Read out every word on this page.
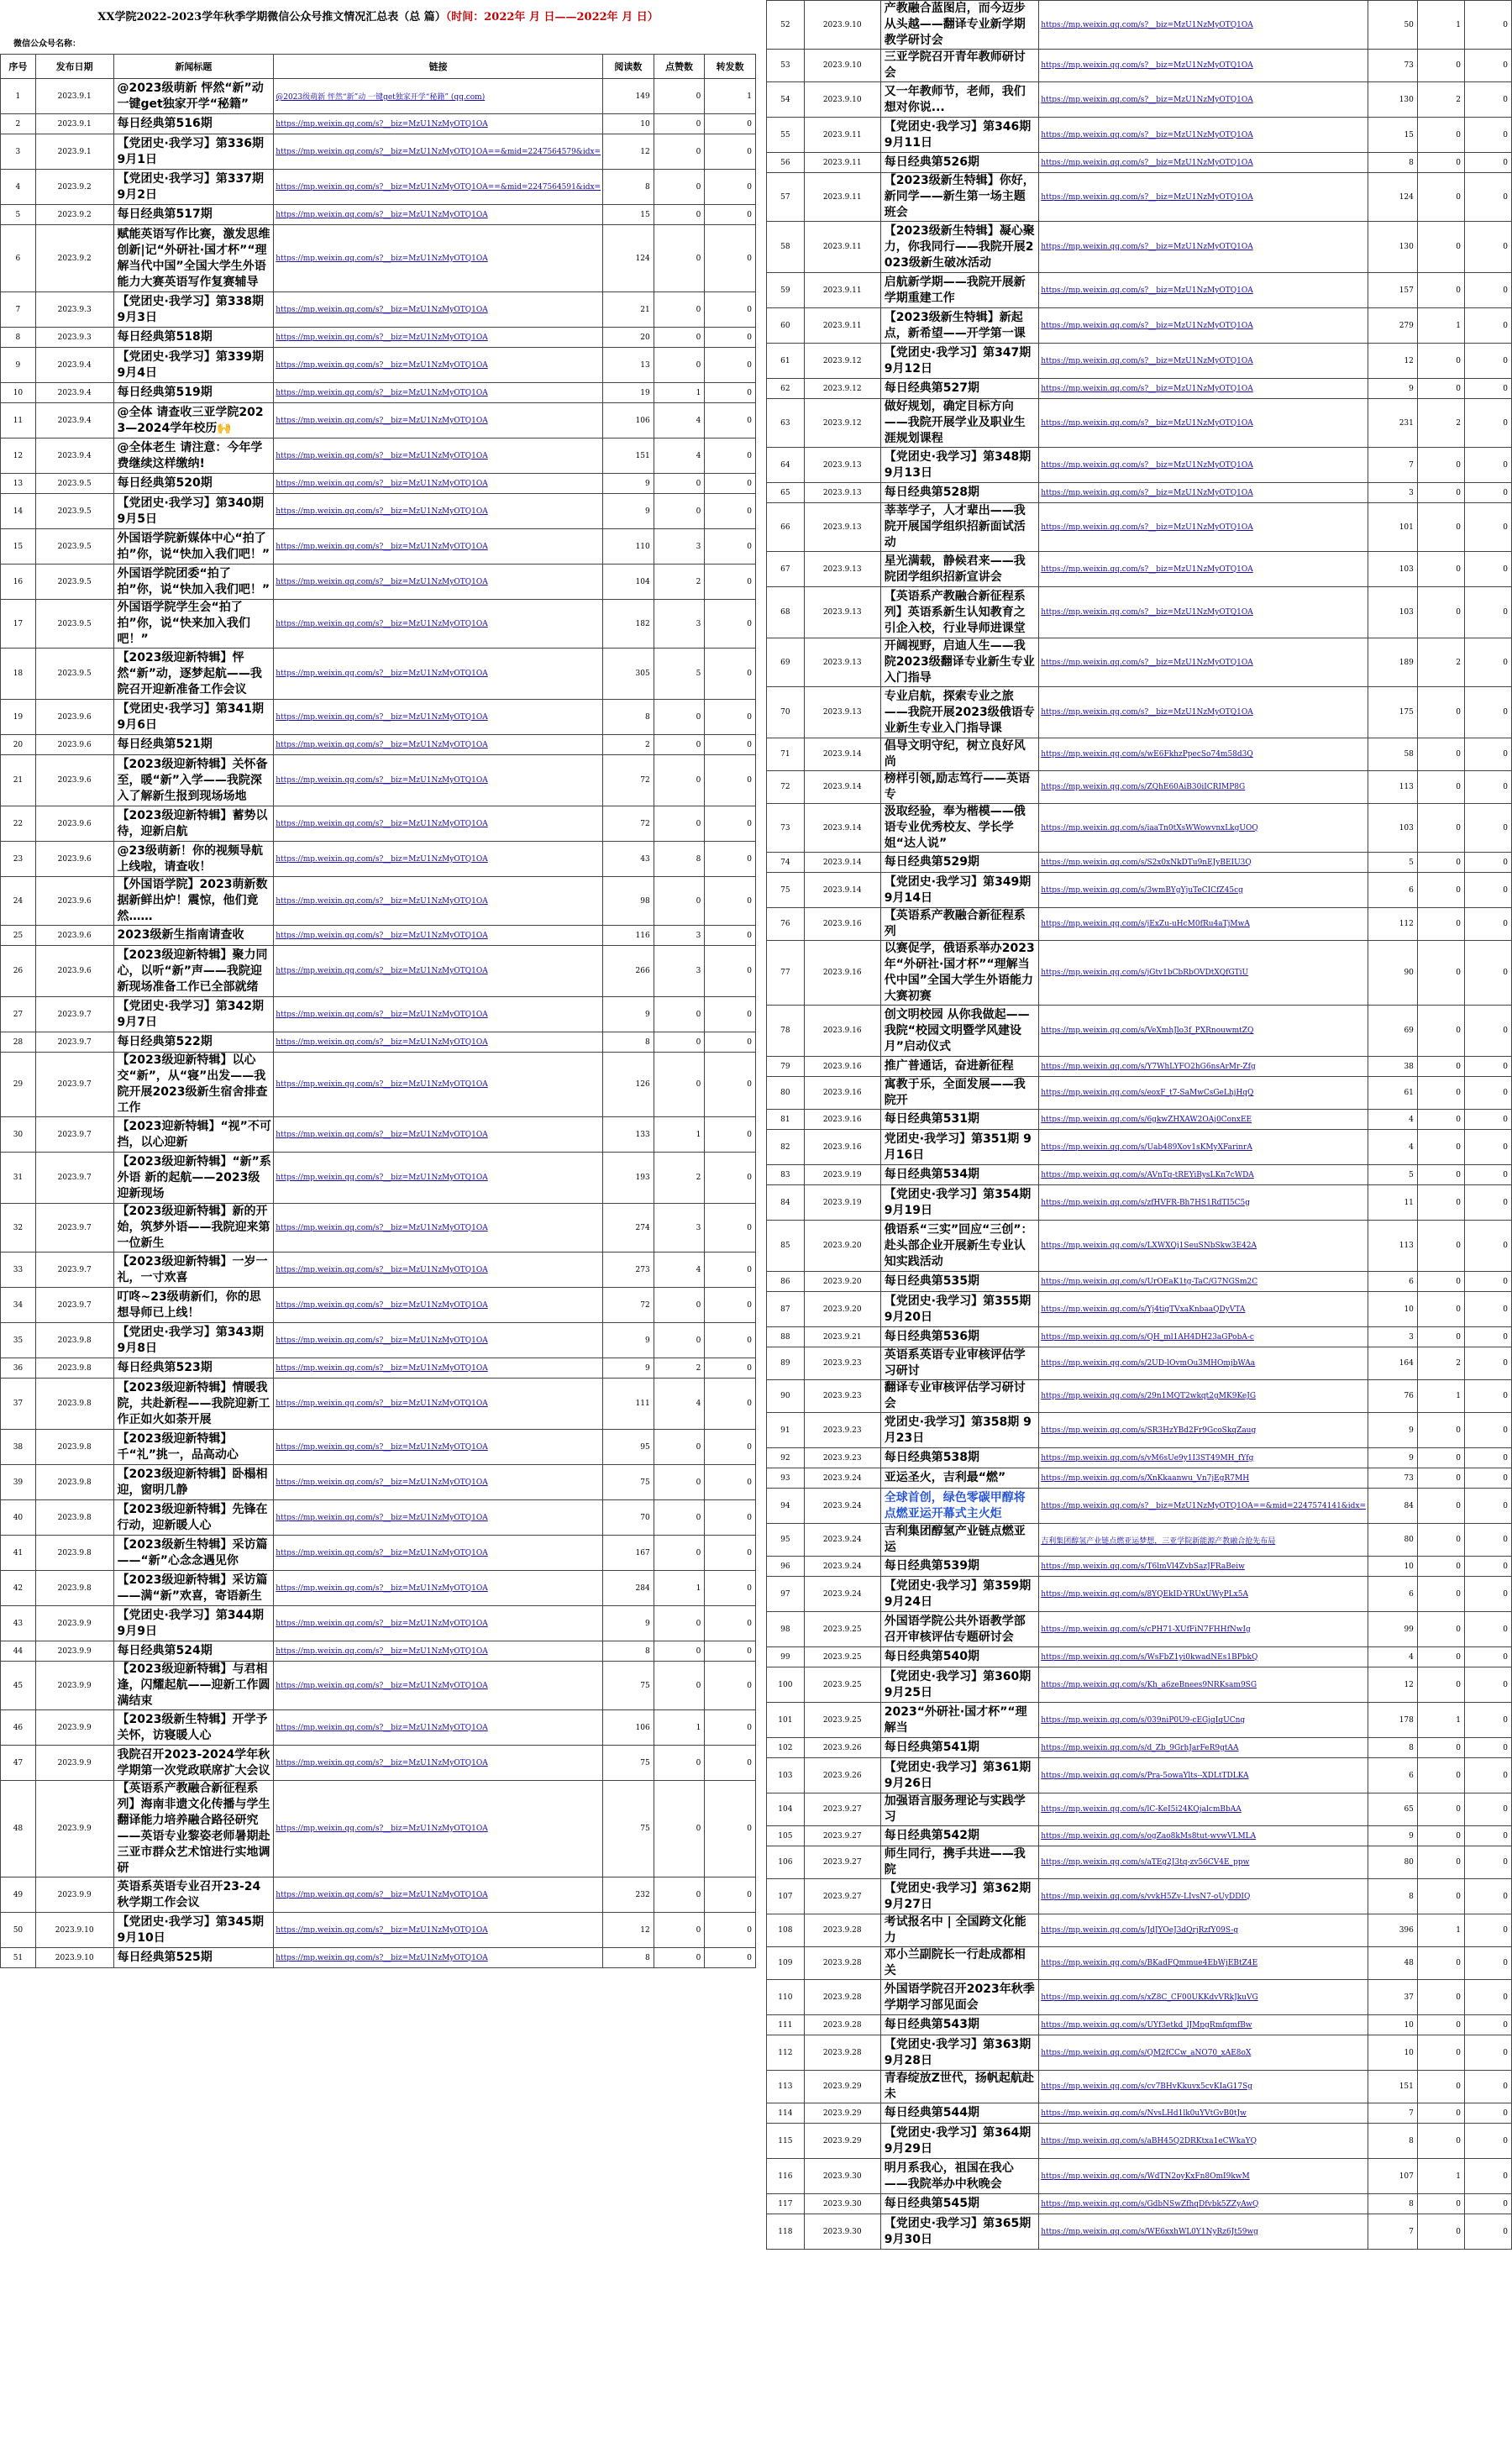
XX学院2022-2023学年秋季学期微信公众号推文情况汇总表（总 篇）（时间：2022年 月 日——2022年 月 日）
微信公众号名称：
序号	发布日期	新闻标题	链接	阅读数	点赞数	转发数
1	2023.9.1	@2023级萌新 怦然“新”动 一键get独家开学“秘籍”	@2023级萌新 怦然“新”动 一键get独家开学“秘籍” (qq.com)	149	0	1
2	2023.9.1	每日经典第516期	https://mp.weixin.qq.com/s?__biz=MzU1NzMyOTQ1OA	10	0	0
3	2023.9.1	【党团史·我学习】第336期 9月1日	https://mp.weixin.qq.com/s?__biz=MzU1NzMyOTQ1OA==&mid=2247564579&idx=	12	0	0
4	2023.9.2	【党团史·我学习】第337期 9月2日	https://mp.weixin.qq.com/s?__biz=MzU1NzMyOTQ1OA==&mid=2247564591&idx=	8	0	0
5	2023.9.2	每日经典第517期	https://mp.weixin.qq.com/s?__biz=MzU1NzMyOTQ1OA	15	0	0
6	2023.9.2	赋能英语写作比赛，激发思维创新|记“外研社·国才杯”“理解当代中国”全国大学生外语能力大赛英语写作复赛辅导	https://mp.weixin.qq.com/s?__biz=MzU1NzMyOTQ1OA	124	0	0
7	2023.9.3	【党团史·我学习】第338期 9月3日	https://mp.weixin.qq.com/s?__biz=MzU1NzMyOTQ1OA	21	0	0
8	2023.9.3	每日经典第518期	https://mp.weixin.qq.com/s?__biz=MzU1NzMyOTQ1OA	20	0	0
9	2023.9.4	【党团史·我学习】第339期 9月4日	https://mp.weixin.qq.com/s?__biz=MzU1NzMyOTQ1OA	13	0	0
10	2023.9.4	每日经典第519期	https://mp.weixin.qq.com/s?__biz=MzU1NzMyOTQ1OA	19	1	0
11	2023.9.4	@全体 请查收三亚学院2023—2024学年校历🙌	https://mp.weixin.qq.com/s?__biz=MzU1NzMyOTQ1OA	106	4	0
12	2023.9.4	@全体老生 请注意：今年学费继续这样缴纳!	https://mp.weixin.qq.com/s?__biz=MzU1NzMyOTQ1OA	151	4	0
13	2023.9.5	每日经典第520期	https://mp.weixin.qq.com/s?__biz=MzU1NzMyOTQ1OA	9	0	0
14	2023.9.5	【党团史·我学习】第340期 9月5日	https://mp.weixin.qq.com/s?__biz=MzU1NzMyOTQ1OA	9	0	0
15	2023.9.5	外国语学院新媒体中心“拍了拍”你，说“快加入我们吧！”	https://mp.weixin.qq.com/s?__biz=MzU1NzMyOTQ1OA	110	3	0
16	2023.9.5	外国语学院团委“拍了拍”你，说“快加入我们吧！”	https://mp.weixin.qq.com/s?__biz=MzU1NzMyOTQ1OA	104	2	0
17	2023.9.5	外国语学院学生会“拍了拍”你，说“快来加入我们吧！”	https://mp.weixin.qq.com/s?__biz=MzU1NzMyOTQ1OA	182	3	0
18	2023.9.5	【2023级迎新特辑】怦然“新”动，逐梦起航——我院召开迎新准备工作会议	https://mp.weixin.qq.com/s?__biz=MzU1NzMyOTQ1OA	305	5	0
19	2023.9.6	【党团史·我学习】第341期 9月6日	https://mp.weixin.qq.com/s?__biz=MzU1NzMyOTQ1OA	8	0	0
20	2023.9.6	每日经典第521期	https://mp.weixin.qq.com/s?__biz=MzU1NzMyOTQ1OA	2	0	0
21	2023.9.6	【2023级迎新特辑】关怀备至，暖“新”入学——我院深入了解新生报到现场场地	https://mp.weixin.qq.com/s?__biz=MzU1NzMyOTQ1OA	72	0	0
22	2023.9.6	【2023级迎新特辑】蓄势以待，迎新启航	https://mp.weixin.qq.com/s?__biz=MzU1NzMyOTQ1OA	72	0	0
23	2023.9.6	@23级萌新！你的视频导航上线啦，请查收！	https://mp.weixin.qq.com/s?__biz=MzU1NzMyOTQ1OA	43	8	0
24	2023.9.6	【外国语学院】2023萌新数据新鲜出炉！震惊，他们竟然……	https://mp.weixin.qq.com/s?__biz=MzU1NzMyOTQ1OA	98	0	0
25	2023.9.6	2023级新生指南请查收	https://mp.weixin.qq.com/s?__biz=MzU1NzMyOTQ1OA	116	3	0
26	2023.9.6	【2023级迎新特辑】聚力同心，以听“新”声——我院迎新现场准备工作已全部就绪	https://mp.weixin.qq.com/s?__biz=MzU1NzMyOTQ1OA	266	3	0
27	2023.9.7	【党团史·我学习】第342期 9月7日	https://mp.weixin.qq.com/s?__biz=MzU1NzMyOTQ1OA	9	0	0
28	2023.9.7	每日经典第522期	https://mp.weixin.qq.com/s?__biz=MzU1NzMyOTQ1OA	8	0	0
29	2023.9.7	【2023级迎新特辑】以心交“新”，从“寝”出发——我院开展2023级新生宿舍排查工作	https://mp.weixin.qq.com/s?__biz=MzU1NzMyOTQ1OA	126	0	0
30	2023.9.7	【2023迎新特辑】“视”不可挡，以心迎新	https://mp.weixin.qq.com/s?__biz=MzU1NzMyOTQ1OA	133	1	0
31	2023.9.7	【2023级迎新特辑】“新”系外语 新的起航——2023级迎新现场	https://mp.weixin.qq.com/s?__biz=MzU1NzMyOTQ1OA	193	2	0
32	2023.9.7	【2023级迎新特辑】新的开始，筑梦外语——我院迎来第一位新生	https://mp.weixin.qq.com/s?__biz=MzU1NzMyOTQ1OA	274	3	0
33	2023.9.7	【2023级迎新特辑】一岁一礼，一寸欢喜	https://mp.weixin.qq.com/s?__biz=MzU1NzMyOTQ1OA	273	4	0
34	2023.9.7	叮咚~23级萌新们，你的思想导师已上线！	https://mp.weixin.qq.com/s?__biz=MzU1NzMyOTQ1OA	72	0	0
35	2023.9.8	【党团史·我学习】第343期 9月8日	https://mp.weixin.qq.com/s?__biz=MzU1NzMyOTQ1OA	9	0	0
36	2023.9.8	每日经典第523期	https://mp.weixin.qq.com/s?__biz=MzU1NzMyOTQ1OA	9	2	0
37	2023.9.8	【2023级迎新特辑】情暖我院，共赴新程——我院迎新工作正如火如荼开展	https://mp.weixin.qq.com/s?__biz=MzU1NzMyOTQ1OA	111	4	0
38	2023.9.8	【2023级迎新特辑】千“礼”挑一，品高动心	https://mp.weixin.qq.com/s?__biz=MzU1NzMyOTQ1OA	95	0	0
39	2023.9.8	【2023级迎新特辑】卧榻相迎，窗明几静	https://mp.weixin.qq.com/s?__biz=MzU1NzMyOTQ1OA	75	0	0
40	2023.9.8	【2023级迎新特辑】先锋在行动，迎新暖人心	https://mp.weixin.qq.com/s?__biz=MzU1NzMyOTQ1OA	70	0	0
41	2023.9.8	【2023级新生特辑】采访篇——“新”心念念遇见你	https://mp.weixin.qq.com/s?__biz=MzU1NzMyOTQ1OA	167	0	0
42	2023.9.8	【2023级迎新特辑】采访篇——满“新”欢喜，寄语新生	https://mp.weixin.qq.com/s?__biz=MzU1NzMyOTQ1OA	284	1	0
43	2023.9.9	【党团史·我学习】第344期 9月9日	https://mp.weixin.qq.com/s?__biz=MzU1NzMyOTQ1OA	9	0	0
44	2023.9.9	每日经典第524期	https://mp.weixin.qq.com/s?__biz=MzU1NzMyOTQ1OA	8	0	0
45	2023.9.9	【2023级迎新特辑】与君相逢，闪耀起航——迎新工作圆满结束	https://mp.weixin.qq.com/s?__biz=MzU1NzMyOTQ1OA	75	0	0
46	2023.9.9	【2023级新生特辑】开学予关怀，访寝暖人心	https://mp.weixin.qq.com/s?__biz=MzU1NzMyOTQ1OA	106	1	0
47	2023.9.9	我院召开2023-2024学年秋学期第一次党政联席扩大会议	https://mp.weixin.qq.com/s?__biz=MzU1NzMyOTQ1OA	75	0	0
48	2023.9.9	【英语系产教融合新征程系列】海南非遗文化传播与学生翻译能力培养融合路径研究——英语专业黎姿老师暑期赴三亚市群众艺术馆进行实地调研	https://mp.weixin.qq.com/s?__biz=MzU1NzMyOTQ1OA	75	0	0
49	2023.9.9	英语系英语专业召开23-24秋学期工作会议	https://mp.weixin.qq.com/s?__biz=MzU1NzMyOTQ1OA	232	0	0
50	2023.9.10	【党团史·我学习】第345期 9月10日	https://mp.weixin.qq.com/s?__biz=MzU1NzMyOTQ1OA	12	0	0
51	2023.9.10	每日经典第525期	https://mp.weixin.qq.com/s?__biz=MzU1NzMyOTQ1OA	8	0	0
52	2023.9.10	产教融合蓝图启，而今迈步从头越——翻译专业新学期教学研讨会	https://mp.weixin.qq.com/s?__biz=MzU1NzMyOTQ1OA	50	1	0
53	2023.9.10	三亚学院召开青年教师研讨会	https://mp.weixin.qq.com/s?__biz=MzU1NzMyOTQ1OA	73	0	0
54	2023.9.10	又一年教师节，老师，我们想对你说...	https://mp.weixin.qq.com/s?__biz=MzU1NzMyOTQ1OA	130	2	0
55	2023.9.11	【党团史·我学习】第346期 9月11日	https://mp.weixin.qq.com/s?__biz=MzU1NzMyOTQ1OA	15	0	0
56	2023.9.11	每日经典第526期	https://mp.weixin.qq.com/s?__biz=MzU1NzMyOTQ1OA	8	0	0
57	2023.9.11	【2023级新生特辑】你好，新同学——新生第一场主题班会	https://mp.weixin.qq.com/s?__biz=MzU1NzMyOTQ1OA	124	0	0
58	2023.9.11	【2023级新生特辑】凝心聚力，你我同行——我院开展2023级新生破冰活动	https://mp.weixin.qq.com/s?__biz=MzU1NzMyOTQ1OA	130	0	0
59	2023.9.11	启航新学期——我院开展新学期重建工作	https://mp.weixin.qq.com/s?__biz=MzU1NzMyOTQ1OA	157	0	0
60	2023.9.11	【2023级新生特辑】新起点，新希望——开学第一课	https://mp.weixin.qq.com/s?__biz=MzU1NzMyOTQ1OA	279	1	0
61	2023.9.12	【党团史·我学习】第347期 9月12日	https://mp.weixin.qq.com/s?__biz=MzU1NzMyOTQ1OA	12	0	0
62	2023.9.12	每日经典第527期	https://mp.weixin.qq.com/s?__biz=MzU1NzMyOTQ1OA	9	0	0
63	2023.9.12	做好规划，确定目标方向——我院开展学业及职业生涯规划课程	https://mp.weixin.qq.com/s?__biz=MzU1NzMyOTQ1OA	231	2	0
64	2023.9.13	【党团史·我学习】第348期 9月13日	https://mp.weixin.qq.com/s?__biz=MzU1NzMyOTQ1OA	7	0	0
65	2023.9.13	每日经典第528期	https://mp.weixin.qq.com/s?__biz=MzU1NzMyOTQ1OA	3	0	0
66	2023.9.13	莘莘学子，人才辈出——我院开展国学组织招新面试活动	https://mp.weixin.qq.com/s?__biz=MzU1NzMyOTQ1OA	101	0	0
67	2023.9.13	星光满载，静候君来——我院团学组织招新宣讲会	https://mp.weixin.qq.com/s?__biz=MzU1NzMyOTQ1OA	103	0	0
68	2023.9.13	【英语系产教融合新征程系列】英语系新生认知教育之引企入校，行业导师进课堂	https://mp.weixin.qq.com/s?__biz=MzU1NzMyOTQ1OA	103	0	0
69	2023.9.13	开阔视野，启迪人生——我院2023级翻译专业新生专业入门指导	https://mp.weixin.qq.com/s?__biz=MzU1NzMyOTQ1OA	189	2	0
70	2023.9.13	专业启航，探索专业之旅——我院开展2023级俄语专业新生专业入门指导课	https://mp.weixin.qq.com/s?__biz=MzU1NzMyOTQ1OA	175	0	0
71	2023.9.14	倡导文明守纪，树立良好风尚	https://mp.weixin.qq.com/s/wE6FkhzPpecSo74m58d3Q	58	0	0
72	2023.9.14	榜样引领,励志笃行——英语专	https://mp.weixin.qq.com/s/ZQhE60AiB30iICRIMP8G	113	0	0
73	2023.9.14	汲取经验，奉为楷模——俄语专业优秀校友、学长学姐“达人说”	https://mp.weixin.qq.com/s/iaaTn0tXsWWowvnxLkgUOQ	103	0	0
74	2023.9.14	每日经典第529期	https://mp.weixin.qq.com/s/S2x0xNkDTu9nEJyBEIU3Q	5	0	0
75	2023.9.14	【党团史·我学习】第349期 9月14日	https://mp.weixin.qq.com/s/3wmBYgYjuTeCICfZ45cg	6	0	0
76	2023.9.16	【英语系产教融合新征程系列	https://mp.weixin.qq.com/s/jExZu-uHcM0fRu4aTjMwA	112	0	0
77	2023.9.16	以赛促学，俄语系举办2023年“外研社·国才杯”“理解当代中国”全国大学生外语能力大赛初赛	https://mp.weixin.qq.com/s/jGtv1bCbRbOVDtXQfGTiU	90	0	0
78	2023.9.16	创文明校园 从你我做起——我院“校园文明暨学风建设月”启动仪式	https://mp.weixin.qq.com/s/VeXmhJlo3f_PXRnouwmtZQ	69	0	0
79	2023.9.16	推广普通话，奋进新征程	https://mp.weixin.qq.com/s/Y7WhLYFO2hG6nsArMr-Zfg	38	0	0
80	2023.9.16	寓教于乐，全面发展——我院开	https://mp.weixin.qq.com/s/eoxF_t7-SaMwCsGeLhjHqQ	61	0	0
81	2023.9.16	每日经典第531期	https://mp.weixin.qq.com/s/6gkwZHXAW2OAj0ConxEE	4	0	0
82	2023.9.16	党团史·我学习】第351期 9月16日	https://mp.weixin.qq.com/s/Uab489Xov1sKMyXFarinrA	4	0	0
83	2023.9.19	每日经典第534期	https://mp.weixin.qq.com/s/AVnTq-tREYiBysLKn7cWDA	5	0	0
84	2023.9.19	【党团史·我学习】第354期 9月19日	https://mp.weixin.qq.com/s/zfHVFR-Bh7HS1RdTI5C5g	11	0	0
85	2023.9.20	俄语系“三实”回应“三创”：赴头部企业开展新生专业认知实践活动	https://mp.weixin.qq.com/s/LXWXQj1SeuSNbSkw3E42A	113	0	0
86	2023.9.20	每日经典第535期	https://mp.weixin.qq.com/s/UrOEaK1tg-TaC/G7NGSm2C	6	0	0
87	2023.9.20	【党团史·我学习】第355期 9月20日	https://mp.weixin.qq.com/s/Yj4tigTVxaKnbaaQDyVTA	10	0	0
88	2023.9.21	每日经典第536期	https://mp.weixin.qq.com/s/QH_ml1AH4DH23aGPobA-c	3	0	0
89	2023.9.23	英语系英语专业审核评估学习研讨	https://mp.weixin.qq.com/s/2UD-lOvmOu3MHOmjbWAa	164	2	0
90	2023.9.23	翻译专业审核评估学习研讨会	https://mp.weixin.qq.com/s/29n1MQT2wkqt2gMK9KeJG	76	1	0
91	2023.9.23	党团史·我学习】第358期 9月23日	https://mp.weixin.qq.com/s/SR3HzYBd2Fr9GcoSkqZaug	9	0	0
92	2023.9.23	每日经典第538期	https://mp.weixin.qq.com/s/vM6sUe9y1I3ST49MH_fYfg	9	0	0
93	2023.9.24	亚运圣火，吉利最“燃”	https://mp.weixin.qq.com/s/XnKkaanwu_Vn7jEgR7MH	73	0	0
94	2023.9.24	全球首创，绿色零碳甲醇将点燃亚运开幕式主火炬	https://mp.weixin.qq.com/s?__biz=MzU1NzMyOTQ1OA==&mid=2247574141&idx=	84	0	0
95	2023.9.24	吉利集团醇氢产业链点燃亚运	吉利集团醇氢产业链点燃亚运梦想，三亚学院新能源产教融合抢先布局	80	0	0
96	2023.9.24	每日经典第539期	https://mp.weixin.qq.com/s/T6lmVl4ZvbSazJFRaBeiw	10	0	0
97	2023.9.24	【党团史·我学习】第359期 9月24日	https://mp.weixin.qq.com/s/8YQEkID-YRUxUWyPLx5A	6	0	0
98	2023.9.25	外国语学院公共外语教学部召开审核评估专题研讨会	https://mp.weixin.qq.com/s/cPH71-XUfFiN7FHHfNwIg	99	0	0
99	2023.9.25	每日经典第540期	https://mp.weixin.qq.com/s/WsFbZ1yi0kwadNEs1BPbkQ	4	0	0
100	2023.9.25	【党团史·我学习】第360期 9月25日	https://mp.weixin.qq.com/s/Kh_a6zeBnees9NRKsam9SG	12	0	0
101	2023.9.25	2023“外研社·国才杯”“理解当	https://mp.weixin.qq.com/s/039niP0U9-cEGjqIqUCng	178	1	0
102	2023.9.26	每日经典第541期	https://mp.weixin.qq.com/s/d_Zb_9GrhJarFeR9gtAA	8	0	0
103	2023.9.26	【党团史·我学习】第361期 9月26日	https://mp.weixin.qq.com/s/Pra-5owaYlts--XDLtTDLKA	6	0	0
104	2023.9.27	加强语言服务理论与实践学习	https://mp.weixin.qq.com/s/lC-KeI5i24KQjalcmBbAA	65	0	0
105	2023.9.27	每日经典第542期	https://mp.weixin.qq.com/s/ogZao8kMs8tut-wvwVLMLA	9	0	0
106	2023.9.27	师生同行，携手共进——我院	https://mp.weixin.qq.com/s/aTEg2J3tq-zv56CV4E_ppw	80	0	0
107	2023.9.27	【党团史·我学习】第362期 9月27日	https://mp.weixin.qq.com/s/vvkH5Zv-LIvsN7-oUyDDIQ	8	0	0
108	2023.9.28	考试报名中 | 全国跨文化能力	https://mp.weixin.qq.com/s/JdJYOeJ3dQrjRzfY09S-g	396	1	0
109	2023.9.28	邓小兰副院长一行赴成都相关	https://mp.weixin.qq.com/s/BKadFQmmue4EbWjEBtZ4E	48	0	0
110	2023.9.28	外国语学院召开2023年秋季学期学习部见面会	https://mp.weixin.qq.com/s/xZ8C_CF00UKKdvVRkJkuVG	37	0	0
111	2023.9.28	每日经典第543期	https://mp.weixin.qq.com/s/UYf3etkd_lJMpgRmfqmfBw	10	0	0
112	2023.9.28	【党团史·我学习】第363期 9月28日	https://mp.weixin.qq.com/s/QM2fCCw_aNO70_xAE8oX	10	0	0
113	2023.9.29	青春绽放Z世代，扬帆起航赴未	https://mp.weixin.qq.com/s/cv7BHvKkuvx5cvKIaG17Sg	151	0	0
114	2023.9.29	每日经典第544期	https://mp.weixin.qq.com/s/NvsLHd1lk0uYVtGvB0tJw	7	0	0
115	2023.9.29	【党团史·我学习】第364期 9月29日	https://mp.weixin.qq.com/s/aBH45Q2DRKtxa1eCWkaYQ	8	0	0
116	2023.9.30	明月系我心，祖国在我心——我院举办中秋晚会	https://mp.weixin.qq.com/s/WdTN2oyKxFn8OmI9kwM	107	1	0
117	2023.9.30	每日经典第545期	https://mp.weixin.qq.com/s/GdbNSwZfhqDfvbk5ZZyAwQ	8	0	0
118	2023.9.30	【党团史·我学习】第365期 9月30日	https://mp.weixin.qq.com/s/WE6xxhWL0Y1NyRz6Jt59wg	7	0	0
